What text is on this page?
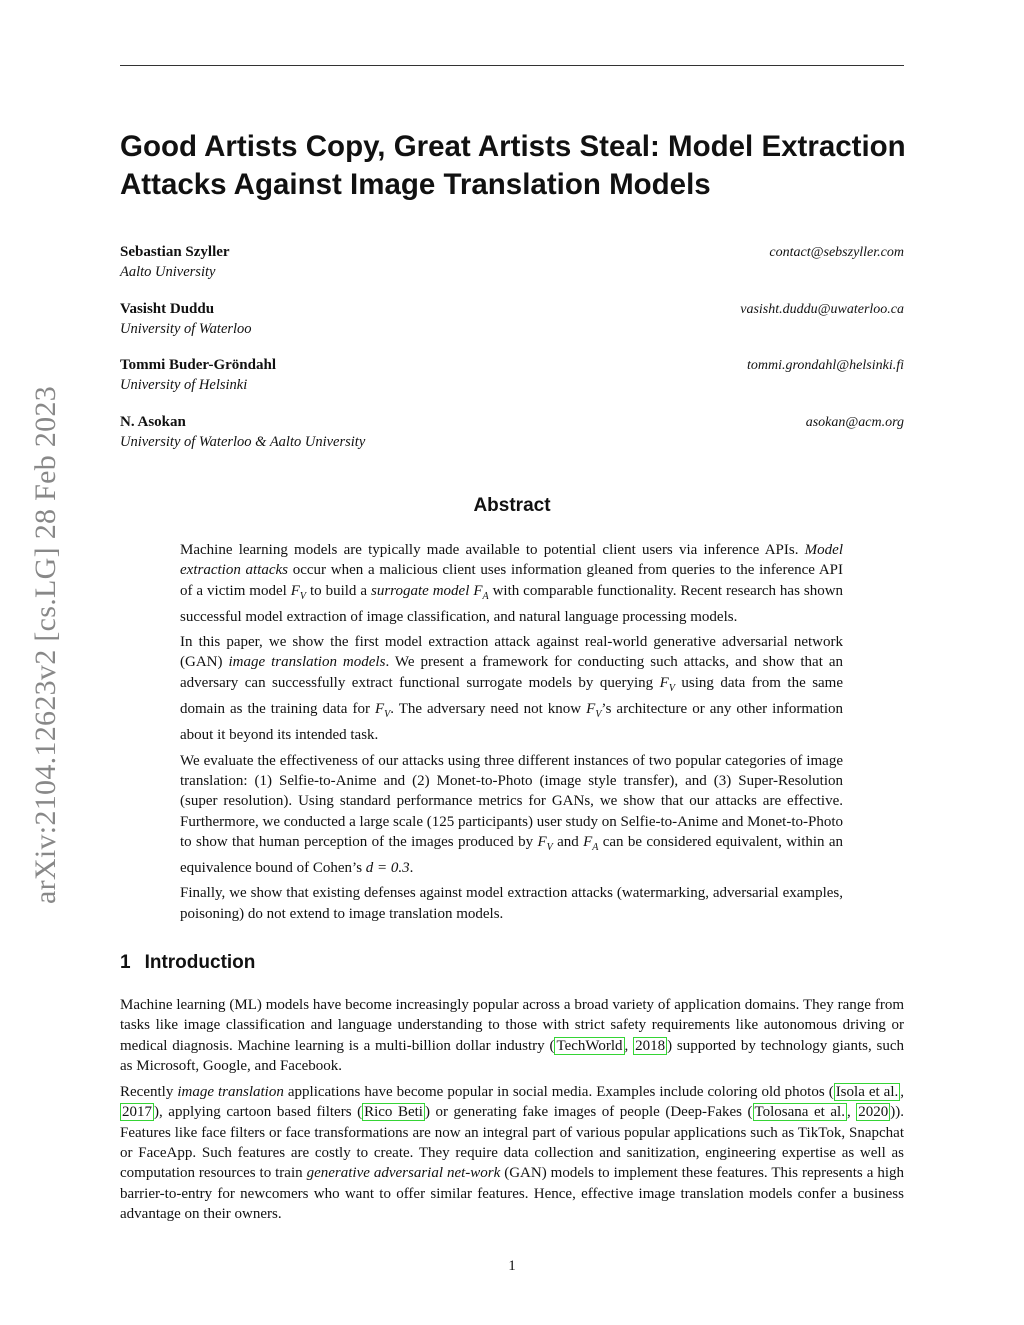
arXiv:2104.12623v2 [cs.LG] 28 Feb 2023
Good Artists Copy, Great Artists Steal: Model Extraction
Attacks Against Image Translation Models
Sebastian Szyller
Aalto University
contact@sebszyller.com
Vasisht Duddu
University of Waterloo
vasisht.duddu@uwaterloo.ca
Tommi Buder-Gröndahl
University of Helsinki
tommi.grondahl@helsinki.fi
N. Asokan
University of Waterloo & Aalto University
asokan@acm.org
Abstract

Machine learning models are typically made available to potential client users via inference APIs. Model extraction attacks occur when a malicious client uses information gleaned from queries to the inference API of a victim model $F_V$ to build a surrogate model $F_A$ with comparable functionality. Recent research has shown successful model extraction of image classification, and natural language processing models.

In this paper, we show the first model extraction attack against real-world generative adversarial network (GAN) image translation models. We present a framework for conducting such attacks, and show that an adversary can successfully extract functional surrogate models by querying $F_V$ using data from the same domain as the training data for $F_V$. The adversary need not know $F_V’s$ architecture or any other information about it beyond its intended task.

We evaluate the effectiveness of our attacks using three different instances of two popular categories of image translation: (1) Selfie-to-Anime and (2) Monet-to-Photo (image style transfer), and (3) Super-Resolution (super resolution). Using standard performance metrics for GANs, we show that our attacks are effective. Furthermore, we conducted a large scale (125 participants) user study on Selfie-to-Anime and Monet-to-Photo to show that human perception of the images produced by $F_V$ and $F_A$ can be considered equivalent, within an equivalence bound of Cohen’s d = 0.3.

Finally, we show that existing defenses against model extraction attacks (watermarking, adversarial examples, poisoning) do not extend to image translation models.

1 Introduction

Machine learning (ML) models have become increasingly popular across a broad variety of application domains. They range from tasks like image classification and language understanding to those with strict safety requirements like autonomous driving or medical diagnosis. Machine learning is a multi-billion dollar industry ( TechWorld , 2018 ) supported by technology giants, such as Microsoft, Google, and Facebook.

Recently image translation applications have become popular in social media. Examples include coloring old photos ( Isola et al. , 2017 ), applying cartoon based filters ( Rico Beti ) or generating fake images of people (Deep-Fakes ( Tolosana et al. , 2020 )). Features like face filters or face transformations are now an integral part of various popular applications such as TikTok, Snapchat or FaceApp. Such features are costly to create. They require data collection and sanitization, engineering expertise as well as computation resources to train generative adversarial net-work (GAN) models to implement these features. This represents a high barrier-to-entry for newcomers who want to offer similar features. Hence, effective image translation models confer a business advantage on their owners.

1
